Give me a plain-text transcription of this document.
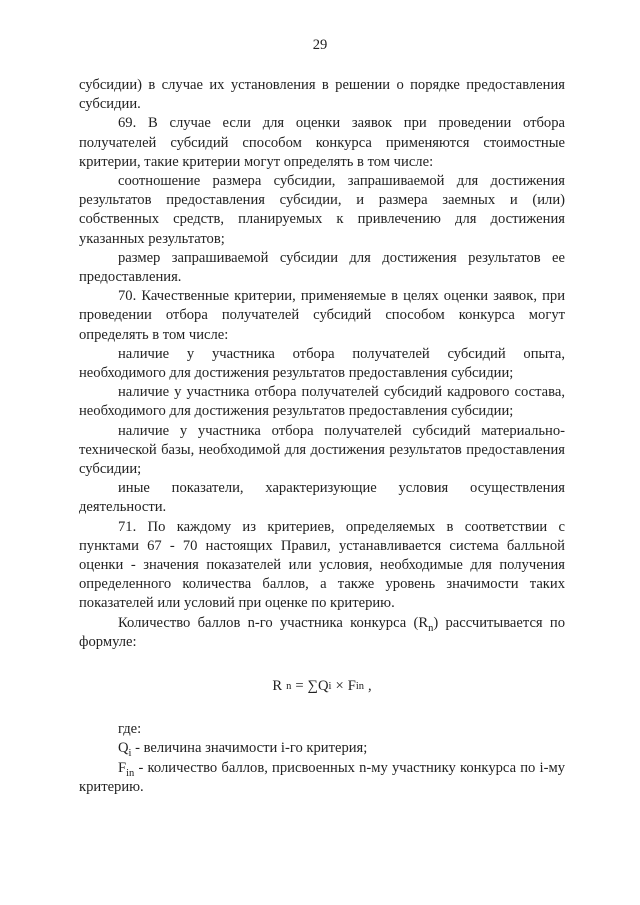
29

субсидии) в случае их установления в решении о порядке предоставления субсидии.

69. В случае если для оценки заявок при проведении отбора получателей субсидий способом конкурса применяются стоимостные критерии, такие критерии могут определять в том числе:

соотношение размера субсидии, запрашиваемой для достижения результатов предоставления субсидии, и размера заемных и (или) собственных средств, планируемых к привлечению для достижения указанных результатов;

размер запрашиваемой субсидии для достижения результатов ее предоставления.

70. Качественные критерии, применяемые в целях оценки заявок, при проведении отбора получателей субсидий способом конкурса могут определять в том числе:

наличие у участника отбора получателей субсидий опыта, необходимого для достижения результатов предоставления субсидии;

наличие у участника отбора получателей субсидий кадрового состава, необходимого для достижения результатов предоставления субсидии;

наличие у участника отбора получателей субсидий материально-технической базы, необходимой для достижения результатов предоставления субсидии;

иные показатели, характеризующие условия осуществления деятельности.

71. По каждому из критериев, определяемых в соответствии с пунктами 67 - 70 настоящих Правил, устанавливается система балльной оценки - значения показателей или условия, необходимые для получения определенного количества баллов, а также уровень значимости таких показателей или условий при оценке по критерию.

Количество баллов n-го участника конкурса $(R_n)$ рассчитывается по формуле:

R n = ∑ Q i × F in ,

где:

$Q_i$ - величина значимости i-го критерия;

$F_{in}$ - количество баллов, присвоенных n-му участнику конкурса по i-му критерию.
